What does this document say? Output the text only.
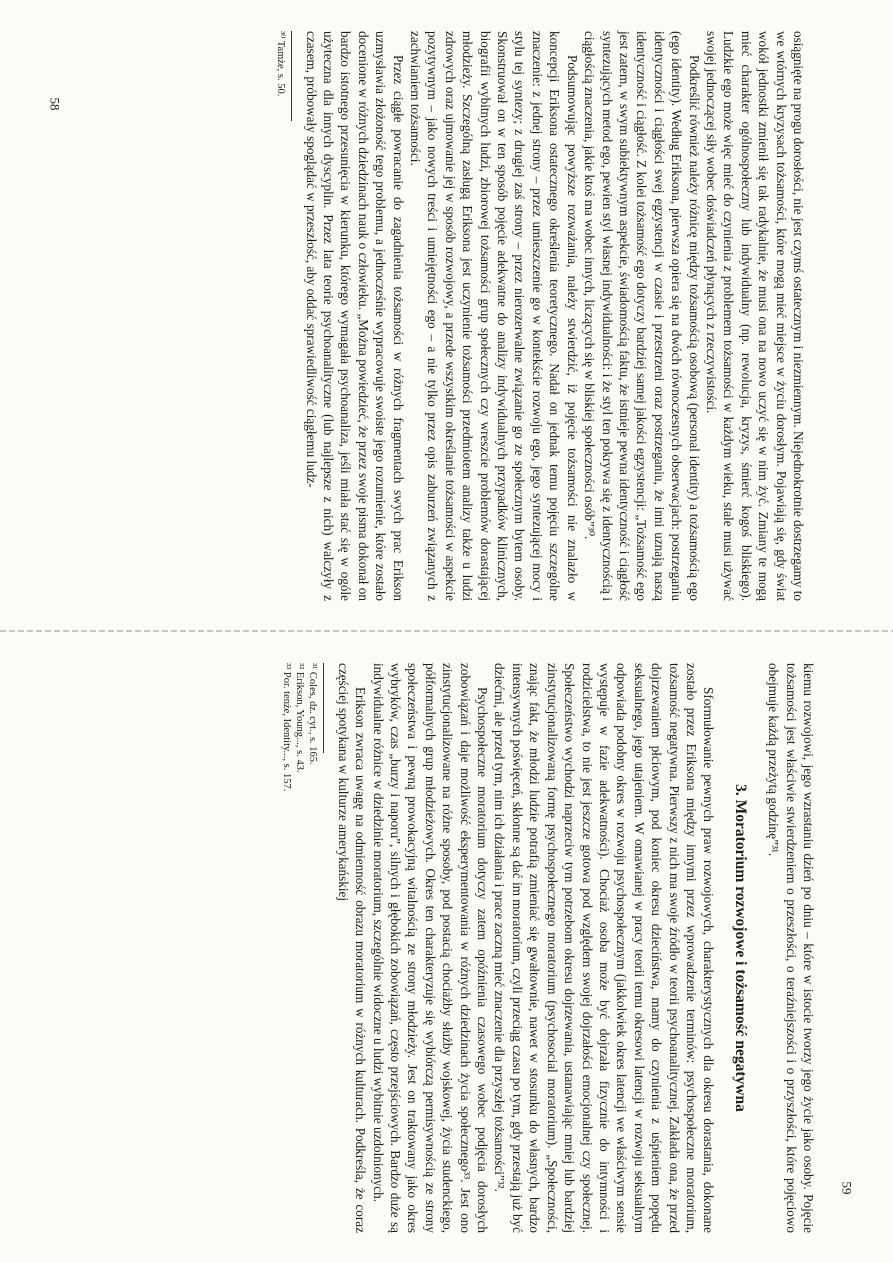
osiągnięte na progu dorosłości, nie jest czymś ostatecznym i niezmiennym. Niejednokrotnie dostrzegamy to we wtórnych kryzysach tożsamości, które mogą mieć miejsce w życiu dorosłym. Pojawiają się, gdy świat wokół jednostki zmienił się tak radykalnie, że musi ona na nowo uczyć się w nim żyć. Zmiany te mogą mieć charakter ogólnospołeczny lub indywidualny (np. rewolucja, kryzys, śmierć kogoś bliskiego). Ludzkie ego może więc mieć do czynienia z problemem tożsamości w każdym wieku, stale musi używać swojej jednoczącej siły wobec doświadczeń płynących z rzeczywistości.

Podkreślić również należy różnicę między tożsamością osobową (personal identity) a tożsamością ego (ego identity). Według Eriksona, pierwsza opiera się na dwóch równoczesnych obserwacjach: postrzeganiu identyczności i ciągłości swej egzystencji w czasie i przestrzeni oraz postrzeganiu, że inni uznają naszą identyczność i ciągłość. Z kolei tożsamość ego dotyczy bardziej samej jakości egzystencji: „Tożsamość ego jest zatem, w swym subiektywnym aspekcie, świadomością faktu, że istnieje pewna identyczność i ciągłość syntezujących metod ego, pewien styl własnej indywidualności: i że styl ten pokrywa się z identycznością i ciągłością znaczenia, jakie ktoś ma wobec innych, liczących się w bliskiej społeczności osób”³⁰.

Podsumowując powyższe rozważania, należy stwierdzić, iż pojęcie tożsamości nie znalazło w koncepcji Eriksona ostatecznego określenia teoretycznego. Nadał on jednak temu pojęciu szczególne znaczenie: z jednej strony – przez umieszczenie go w kontekście rozwoju ego, jego syntezującej mocy i stylu tej syntezy; z drugiej zaś strony – przez nierozerwalne związanie go ze społecznym bytem osoby. Skonstruował on w ten sposób pojęcie adekwatne do analizy indywidualnych przypadków klinicznych, biografii wybitnych ludzi, zbiorowej tożsamości grup społecznych czy wreszcie problemów dorastającej młodzieży. Szczególną zasługą Eriksona jest uczynienie tożsamości przedmiotem analizy także u ludzi zdrowych oraz ujmowanie jej w sposób rozwojowy, a przede wszystkim określanie tożsamości w aspekcie pozytywnym – jako nowych treści i umiejętności ego – a nie tylko przez opis zaburzeń związanych z zachwianiem tożsamości.

Przez ciągłe powracanie do zagadnienia tożsamości w różnych fragmentach swych prac Erikson uzmysławia złożoność tego problemu, a jednocześnie wypracowuje swoiste jego rozumienie, które zostało docenione w różnych dziedzinach nauk o człowieku. „Można powiedzieć, że przez swoje pisma dokonał on bardzo istotnego przesunięcia w kierunku, którego wymagała psychoanaliza, jeśli miała stać się w ogóle użyteczna dla innych dyscyplin. Przez lata teorie psychoanalityczne (lub najlepsze z nich) walczyły z czasem, próbowały spoglądać w przeszłość, aby oddać sprawiedliwość ciągłemu ludz-

³⁰ Tamże, s. 50.

58

kiemu rozwojowi, jego wzrastaniu dzień po dniu – które w istocie tworzy jego życie jako osoby. Pojęcie tożsamości jest właściwie stwierdzeniem o przeszłości, o teraźniejszości i o przyszłości, które pojęciowo obejmuje każdą przeżytą godzinę”³¹.

3. Moratorium rozwojowe i tożsamość negatywna

Sformułowanie pewnych praw rozwojowych, charakterystycznych dla okresu dorastania, dokonane zostało przez Eriksona między innymi przez wprowadzenie terminów: psychospołeczne moratorium, tożsamość negatywna. Pierwszy z nich ma swoje źródło w teorii psychoanalitycznej. Zakłada ona, że przed dojrzewaniem płciowym, pod koniec okresu dzieciństwa, mamy do czynienia z uśpieniem popędu seksualnego, jego utajeniem. W omawianej w pracy teorii temu okresowi latencji w rozwoju seksualnym odpowiada podobny okres w rozwoju psychospołecznym (jakkolwiek okres latencji we właściwym sensie występuje w fazie adekwatności). Chociaż osoba może być dojrzała fizycznie do intymności i rodzicielstwa, to nie jest jeszcze gotowa pod względem swojej dojrzałości emocjonalnej czy społecznej. Społeczeństwo wychodzi naprzeciw tym potrzebom okresu dojrzewania, ustanawiając mniej lub bardziej zinstytucjonalizowaną formę psychospołecznego moratorium (psychosocial moratorium). „Społeczności, znając fakt, że młodzi ludzie potrafią zmieniać się gwałtownie, nawet w stosunku do własnych, bardzo intensywnych poświęceń, skłonne są dać im moratorium, czyli przeciąg czasu po tym, gdy przestają już być dziećmi, ale przed tym, nim ich działania i prace zaczną mieć znaczenie dla przyszłej tożsamości”³².

Psychospołeczne moratorium dotyczy zatem opóźnienia czasowego wobec podjęcia dorosłych zobowiązań i daje możliwość eksperymentowania w różnych dziedzinach życia społecznego³³. Jest ono zinstytucjonalizowane na różne sposoby, pod postacią chociażby służby wojskowej, życia studenckiego, półformalnych grup młodzieżowych. Okres ten charakteryzuje się wybiórczą permisywnością ze strony społeczeństwa i pewną prowokacyjną witalnością ze strony młodzieży. Jest on traktowany jako okres wybryków, czas „burzy i naporu”, silnych i głębokich zobowiązań, często przejściowych. Bardzo duże są indywidualne różnice w dziedzinie moratorium, szczególnie widoczne u ludzi wybitnie uzdolnionych.

Erikson zwraca uwagę na odmienność obrazu moratorium w różnych kulturach. Podkreśla, że coraz częściej spotykana w kulturze amerykańskiej

³¹ Coles, dz. cyt., s. 165.

³² Erikson, Young..., s. 43.

³³ Por. tenże, Identity..., s. 157.

59
